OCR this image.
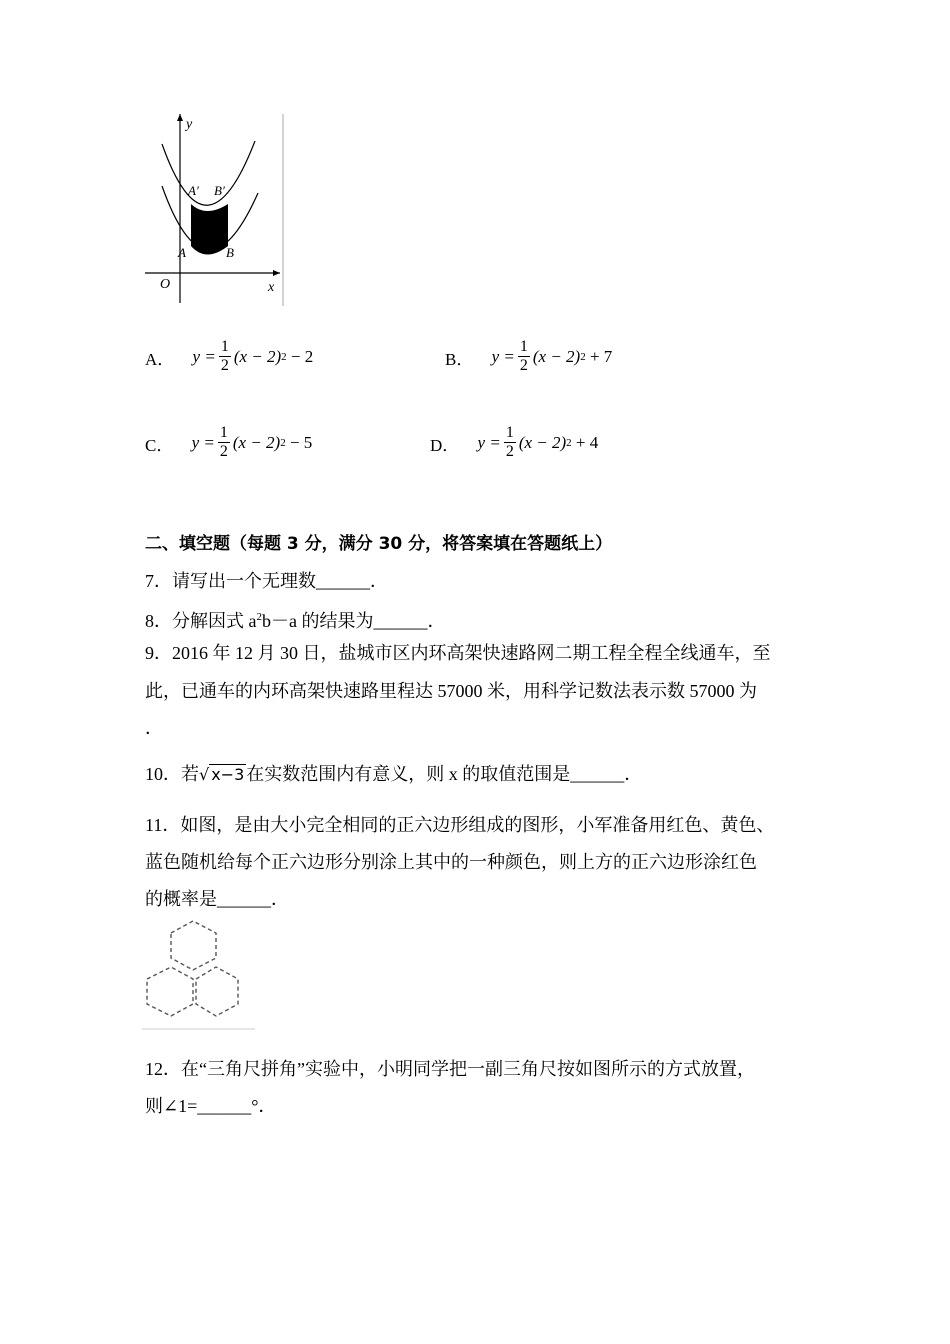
y
x
O
A	B
A′ B′
A． $y = \frac{1}{2} (x - 2)$ 2
− 2	B． $y = \frac{1}{2} (x - 2)$ 2
+ 7
C． $y = \frac{1}{2} (x - 2)$ 2
− 5	D． $y = \frac{1}{2} (x - 2)$ 2
+ 4
二、填空题（每题 3 分，满分 30 分，将答案填在答题纸上）
7．请写出一个无理数______．
8．分解因式 $a^2b-a$ 的结果为______．
9．2016 年 12 月 30 日，盐城市区内环高架快速路网二期工程全程全线通车，至
此，已通车的内环高架快速路里程达 57000 米，用科学记数法表示数 57000 为
．
10．若√ x−3 在实数范围内有意义，则 x 的取值范围是______．
11．如图，是由大小完全相同的正六边形组成的图形，小军准备用红色、黄色、
蓝色随机给每个正六边形分别涂上其中的一种颜色，则上方的正六边形涂红色
的概率是______．
12．在“三角尺拼角”实验中，小明同学把一副三角尺按如图所示的方式放置，
则∠1=______°．
